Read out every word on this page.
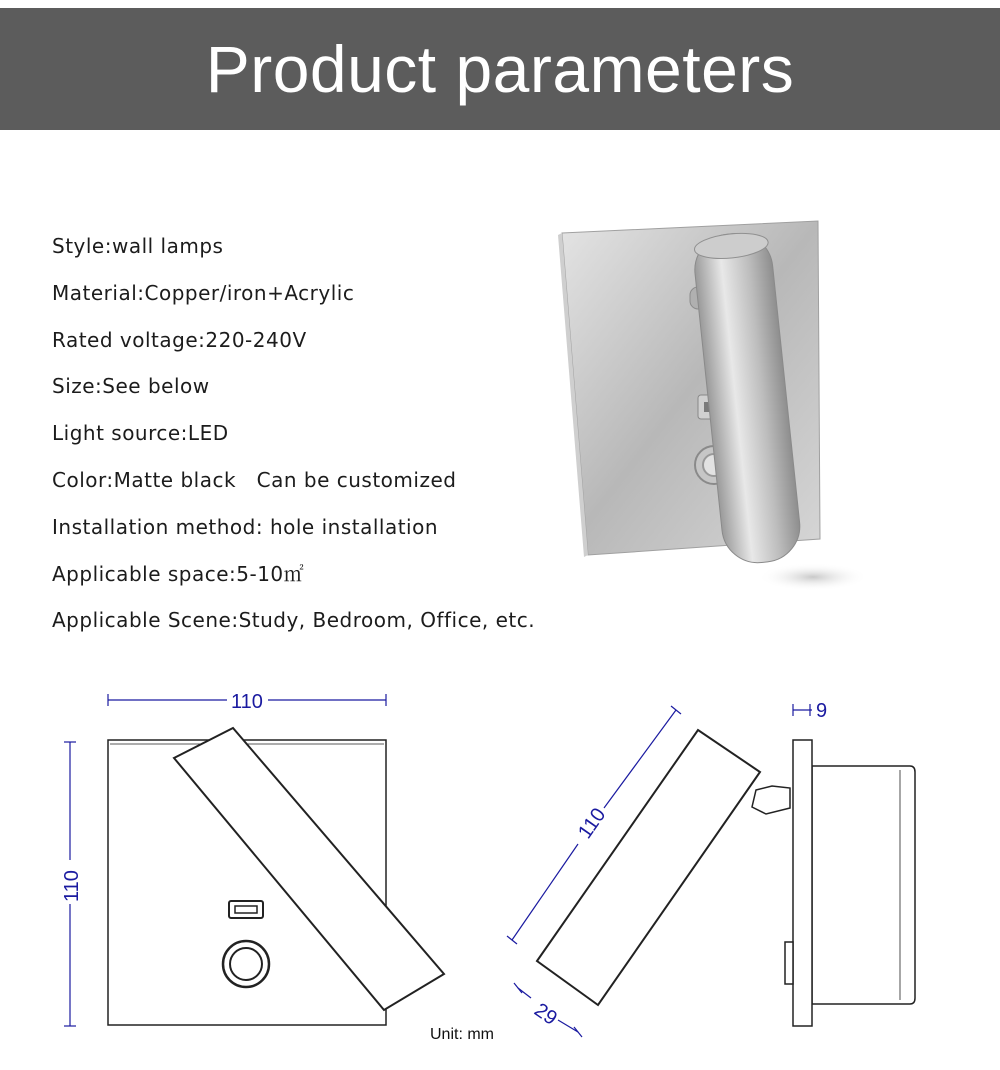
Product parameters
Style:wall lamps
Material:Copper/iron+Acrylic
Rated voltage:220-240V
Size:See below
Light source:LED
Color:Matte black   Can be customized
Installation method: hole installation
Applicable space:5-10㎡
Applicable Scene:Study, Bedroom, Office, etc.
110
110
110
29
9
Unit: mm
